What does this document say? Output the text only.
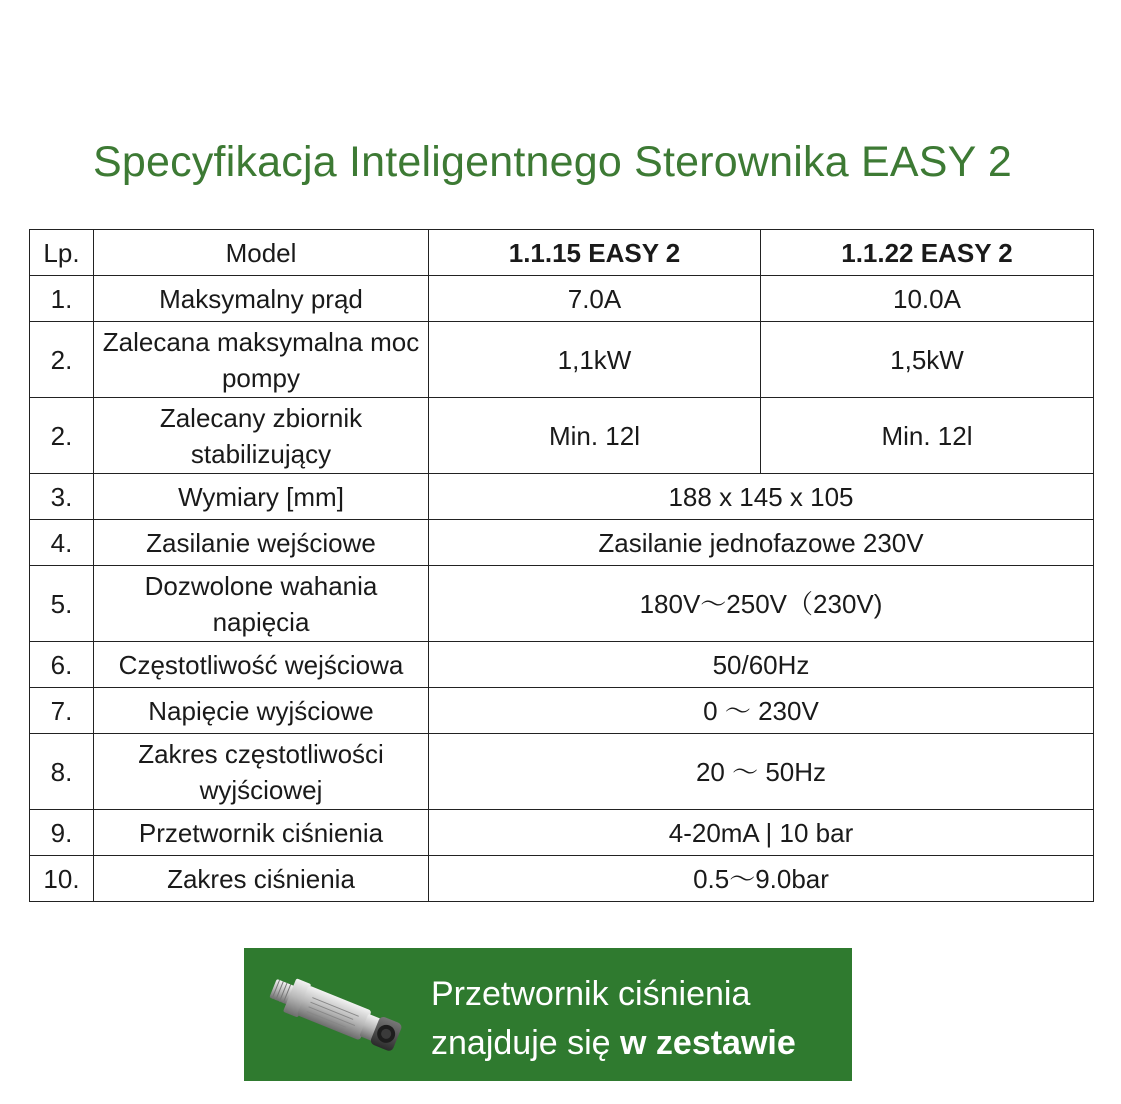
Specyfikacja Inteligentnego Sterownika EASY 2
Lp.	Model	1.1.15 EASY 2	1.1.22 EASY 2
1.	Maksymalny prąd	7.0A	10.0A
2.	Zalecana maksymalna moc pompy	1,1kW	1,5kW
2.	Zalecany zbiornik stabilizujący	Min. 12l	Min. 12l
3.	Wymiary [mm]	188 x 145 x 105	
4.	Zasilanie wejściowe	Zasilanie jednofazowe 230V	
5.	Dozwolone wahania napięcia	180V～250V（230V)	
6.	Częstotliwość wejściowa	50/60Hz	
7.	Napięcie wyjściowe	0 ～ 230V	
8.	Zakres częstotliwości wyjściowej	20 ～ 50Hz	
9.	Przetwornik ciśnienia	4-20mA | 10 bar	
10.	Zakres ciśnienia	0.5～9.0bar	
Przetwornik ciśnienia
znajduje się w zestawie
